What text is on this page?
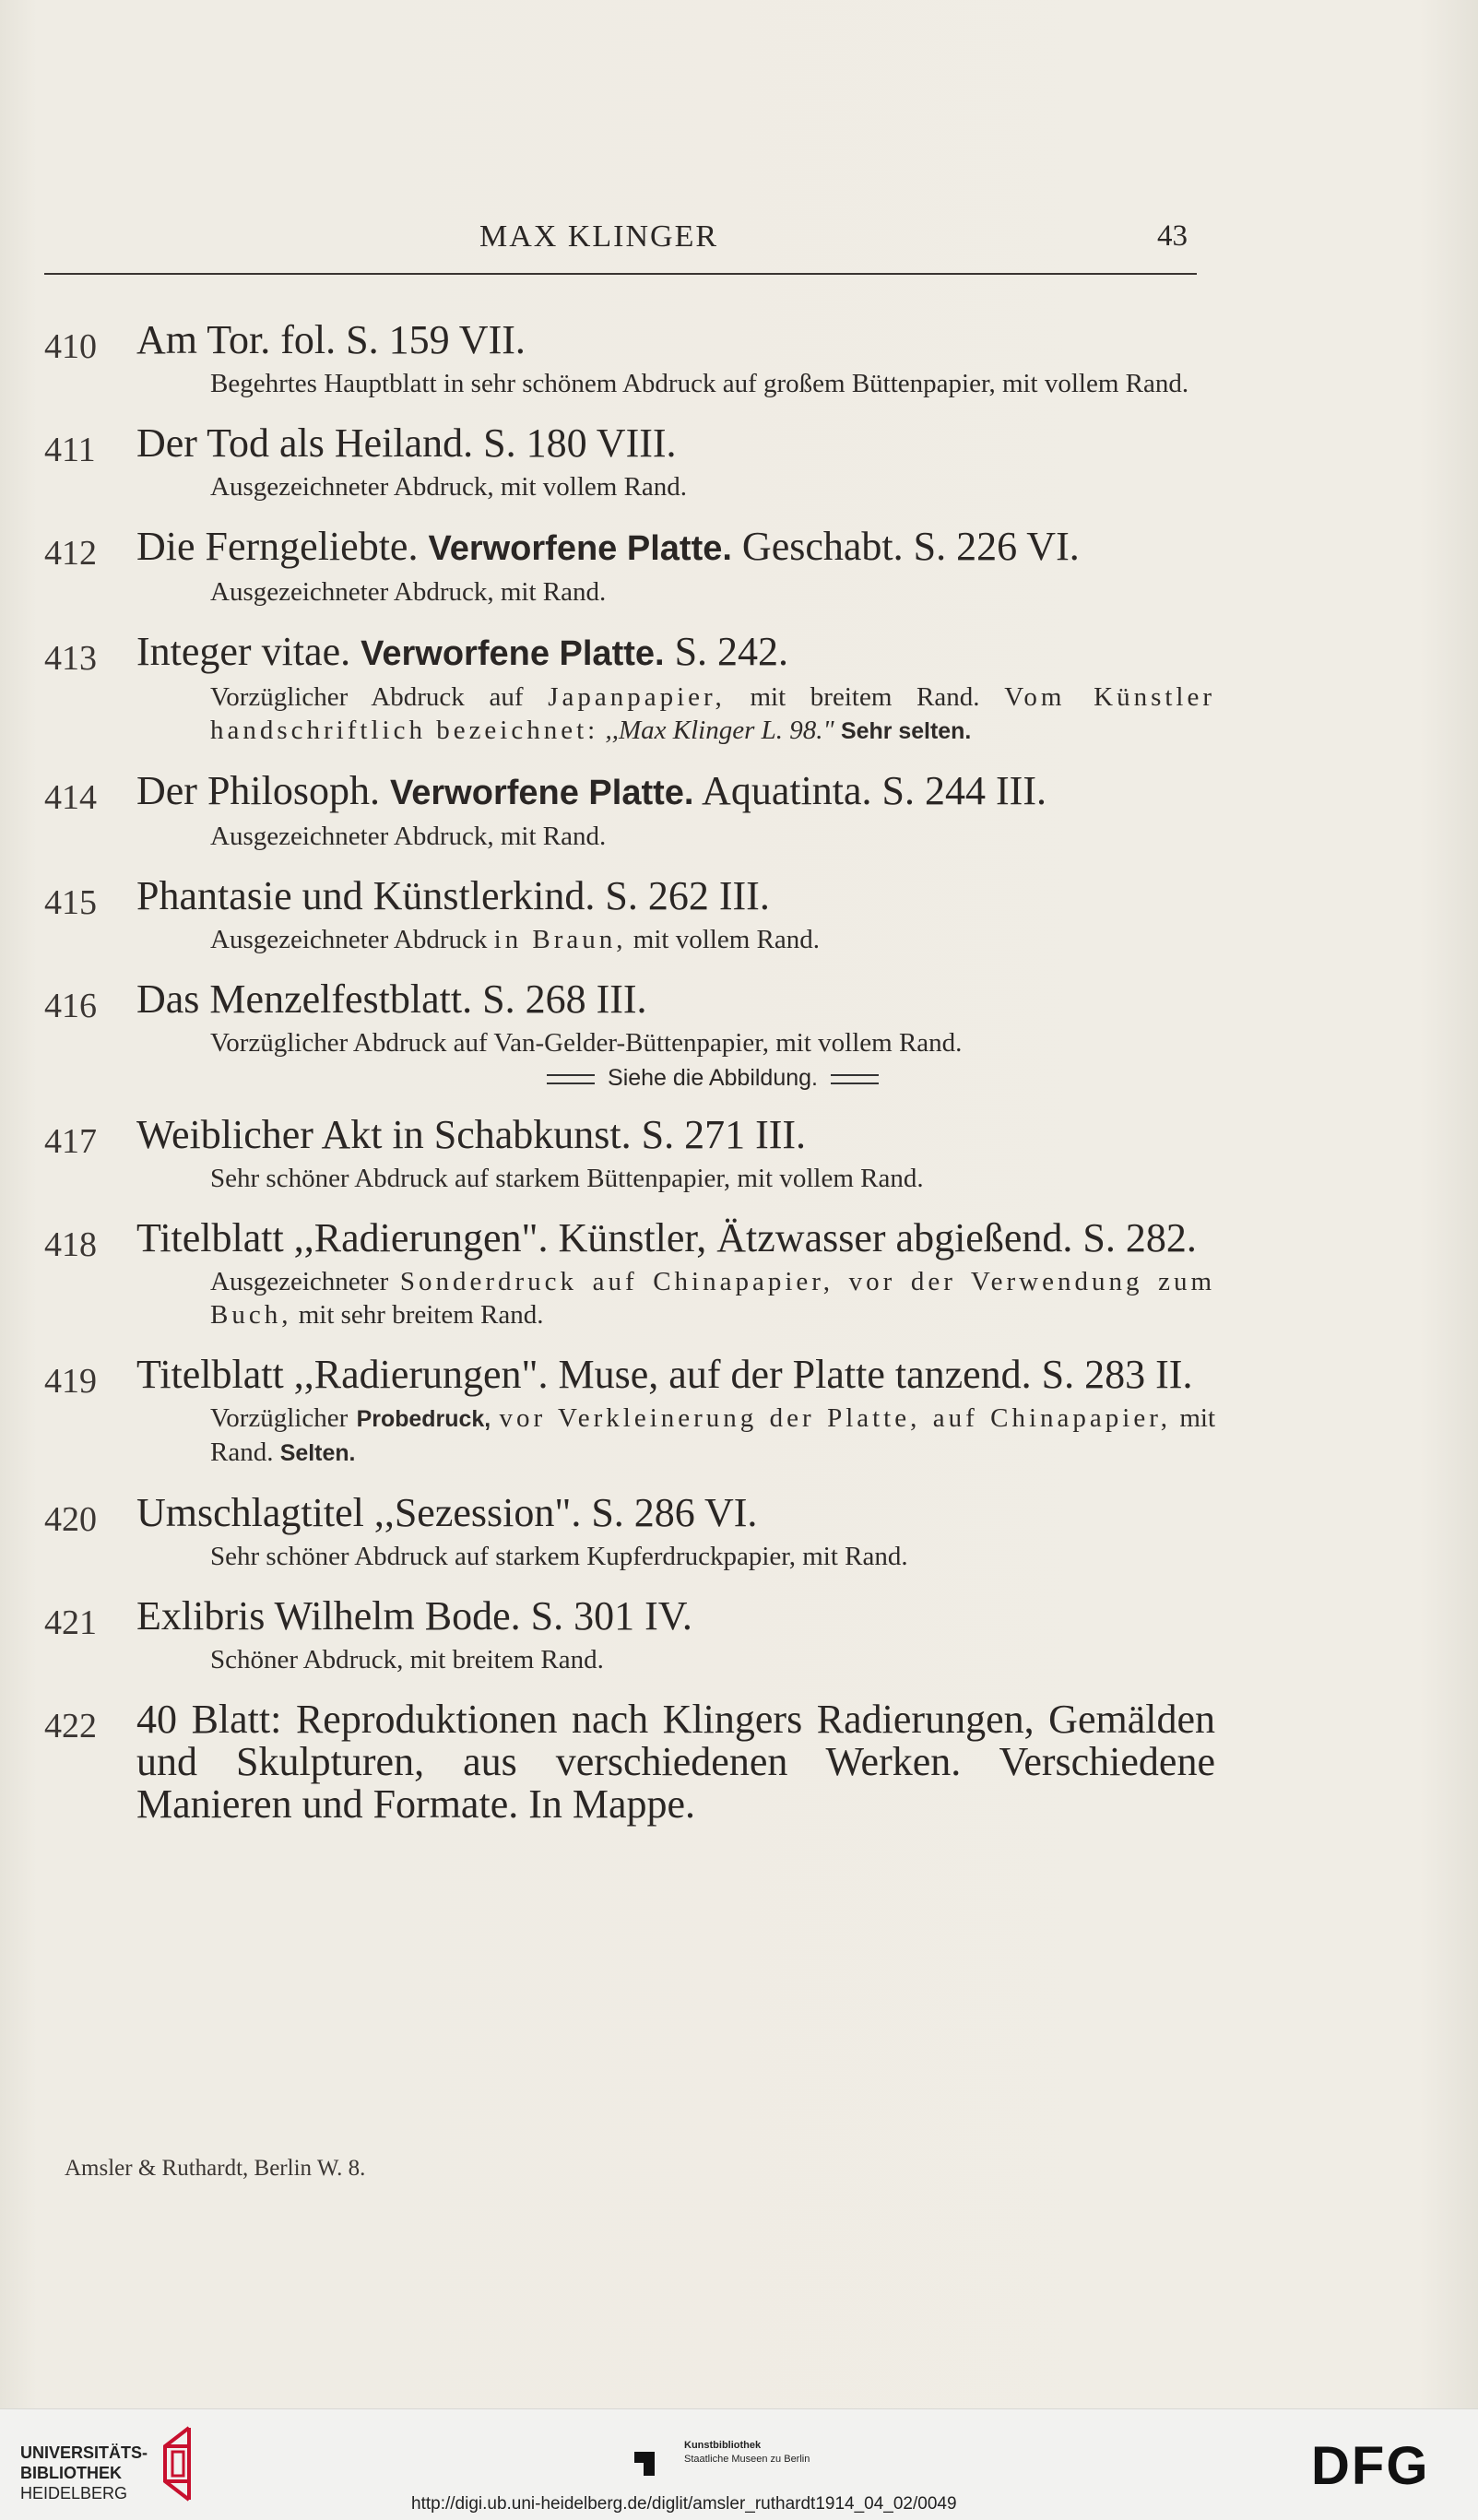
MAX KLINGER	43
410 Am Tor. fol. S. 159 VII.
Begehrtes Hauptblatt in sehr schönem Abdruck auf großem Büttenpapier, mit vollem Rand.
411	Der Tod als Heiland. S. 180 VIII.
Ausgezeichneter Abdruck, mit vollem Rand.
412 Die Ferngeliebte. Verworfene Platte. Geschabt. S. 226 VI.
Ausgezeichneter Abdruck, mit Rand.
413 Integer vitae. Verworfene Platte. S. 242.
Vorzüglicher Abdruck auf Japanpapier, mit breitem Rand. Vom Künstler handschriftlich bezeichnet: ,,Max Klinger L. 98." Sehr selten.
414 Der Philosoph. Verworfene Platte. Aquatinta. S. 244 III.
Ausgezeichneter Abdruck, mit Rand.
415 Phantasie und Künstlerkind. S. 262 III.
Ausgezeichneter Abdruck in Braun, mit vollem Rand.
416 Das Menzelfestblatt. S. 268 III.
Vorzüglicher Abdruck auf Van-Gelder-Büttenpapier, mit vollem Rand.
Siehe die Abbildung.
417 Weiblicher Akt in Schabkunst. S. 271 III.
Sehr schöner Abdruck auf starkem Büttenpapier, mit vollem Rand.
418 Titelblatt ,,Radierungen". Künstler, Ätzwasser abgießend. S. 282.
Ausgezeichneter Sonderdruck auf Chinapapier, vor der Verwendung zum Buch, mit sehr breitem Rand.
419 Titelblatt ,,Radierungen". Muse, auf der Platte tanzend. S. 283 II.
Vorzüglicher Probedruck, vor Verkleinerung der Platte, auf Chinapapier, mit Rand. Selten.
420 Umschlagtitel ,,Sezession". S. 286 VI.
Sehr schöner Abdruck auf starkem Kupferdruckpapier, mit Rand.
421 Exlibris Wilhelm Bode. S. 301 IV.
Schöner Abdruck, mit breitem Rand.
422 40 Blatt: Reproduktionen nach Klingers Radierungen, Gemälden und Skulpturen, aus verschiedenen Werken. Verschiedene Manieren und Formate. In Mappe.
Amsler & Ruthardt, Berlin W. 8.
UNIVERSITÄTS-
BIBLIOTHEK
HEIDELBERG
Kunstbibliothek
Staatliche Museen zu Berlin	DFG
http://digi.ub.uni-heidelberg.de/diglit/amsler_ruthardt1914_04_02/0049
